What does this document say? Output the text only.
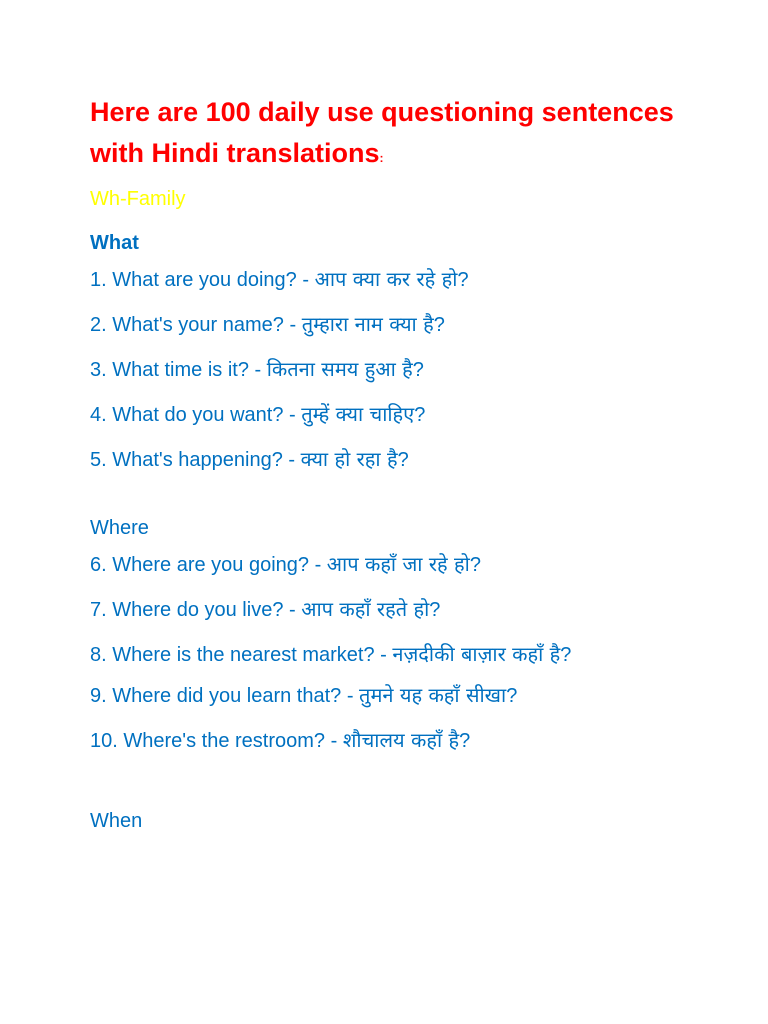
Here are 100 daily use questioning sentences with Hindi translations:
Wh-Family
What
1. What are you doing? - आप क्या कर रहे हो?
2. What's your name? - तुम्हारा नाम क्या है?
3. What time is it? - कितना समय हुआ है?
4. What do you want? - तुम्हें क्या चाहिए?
5. What's happening? - क्या हो रहा है?
Where
6. Where are you going? - आप कहाँ जा रहे हो?
7. Where do you live? - आप कहाँ रहते हो?
8. Where is the nearest market? - नज़दीकी बाज़ार कहाँ है?
9. Where did you learn that? - तुमने यह कहाँ सीखा?
10. Where's the restroom? - शौचालय कहाँ है?
When
